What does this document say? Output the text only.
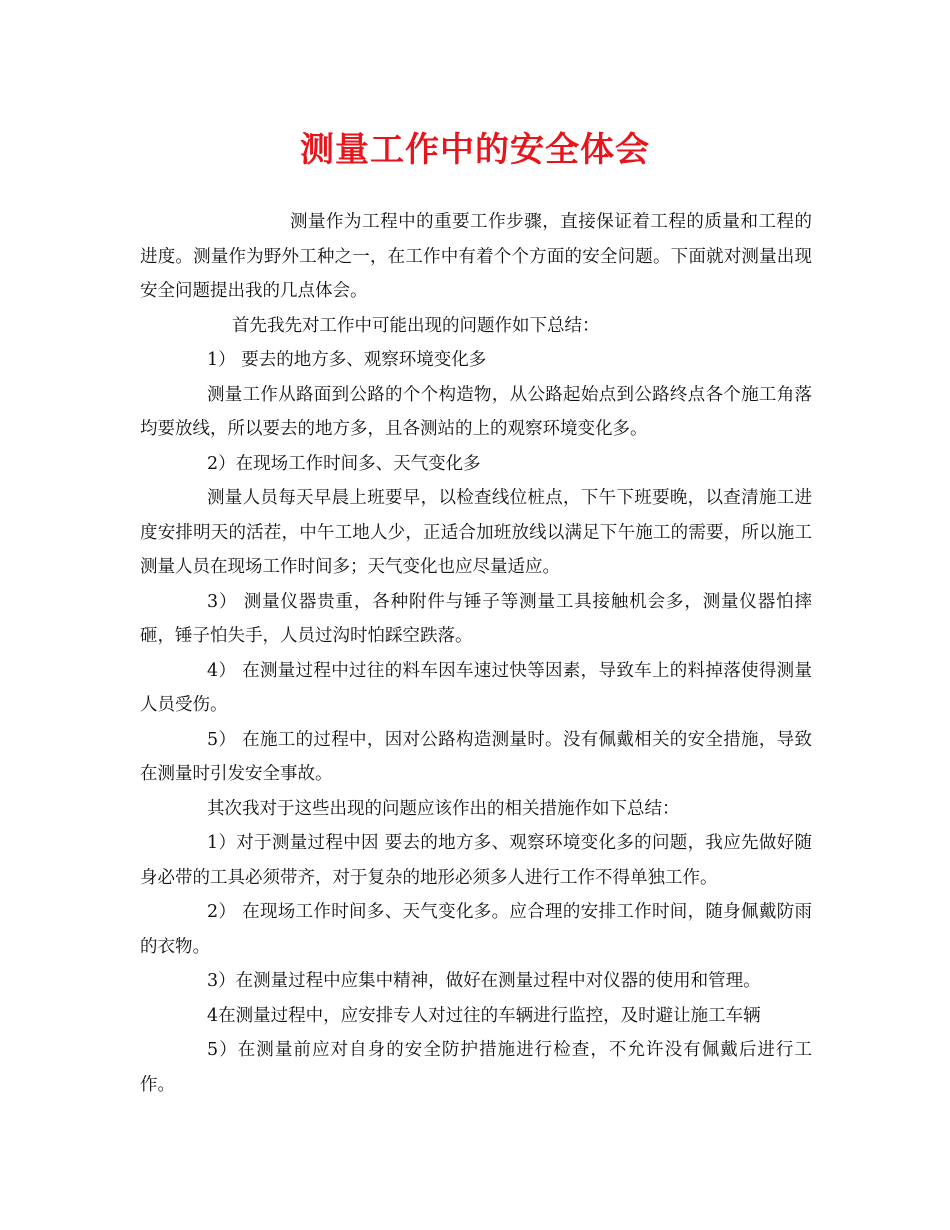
测量工作中的安全体会

测量作为工程中的重要工作步骤，直接保证着工程的质量和工程的进度。测量作为野外工种之一，在工作中有着个个方面的安全问题。下面就对测量出现安全问题提出我的几点体会。

首先我先对工作中可能出现的问题作如下总结：

1） 要去的地方多、观察环境变化多

测量工作从路面到公路的个个构造物，从公路起始点到公路终点各个施工角落均要放线，所以要去的地方多，且各测站的上的观察环境变化多。

2）在现场工作时间多、天气变化多

测量人员每天早晨上班要早，以检查线位桩点，下午下班要晚，以查清施工进度安排明天的活茬，中午工地人少，正适合加班放线以满足下午施工的需要，所以施工测量人员在现场工作时间多；天气变化也应尽量适应。

3） 测量仪器贵重，各种附件与锤子等测量工具接触机会多，测量仪器怕摔砸，锤子怕失手，人员过沟时怕踩空跌落。

4） 在测量过程中过往的料车因车速过快等因素，导致车上的料掉落使得测量人员受伤。

5） 在施工的过程中，因对公路构造测量时。没有佩戴相关的安全措施，导致在测量时引发安全事故。

其次我对于这些出现的问题应该作出的相关措施作如下总结：

1）对于测量过程中因 要去的地方多、观察环境变化多的问题，我应先做好随身必带的工具必须带齐，对于复杂的地形必须多人进行工作不得单独工作。

2） 在现场工作时间多、天气变化多。应合理的安排工作时间，随身佩戴防雨的衣物。

3）在测量过程中应集中精神，做好在测量过程中对仪器的使用和管理。

4在测量过程中，应安排专人对过往的车辆进行监控，及时避让施工车辆

5）在测量前应对自身的安全防护措施进行检查，不允许没有佩戴后进行工作。
